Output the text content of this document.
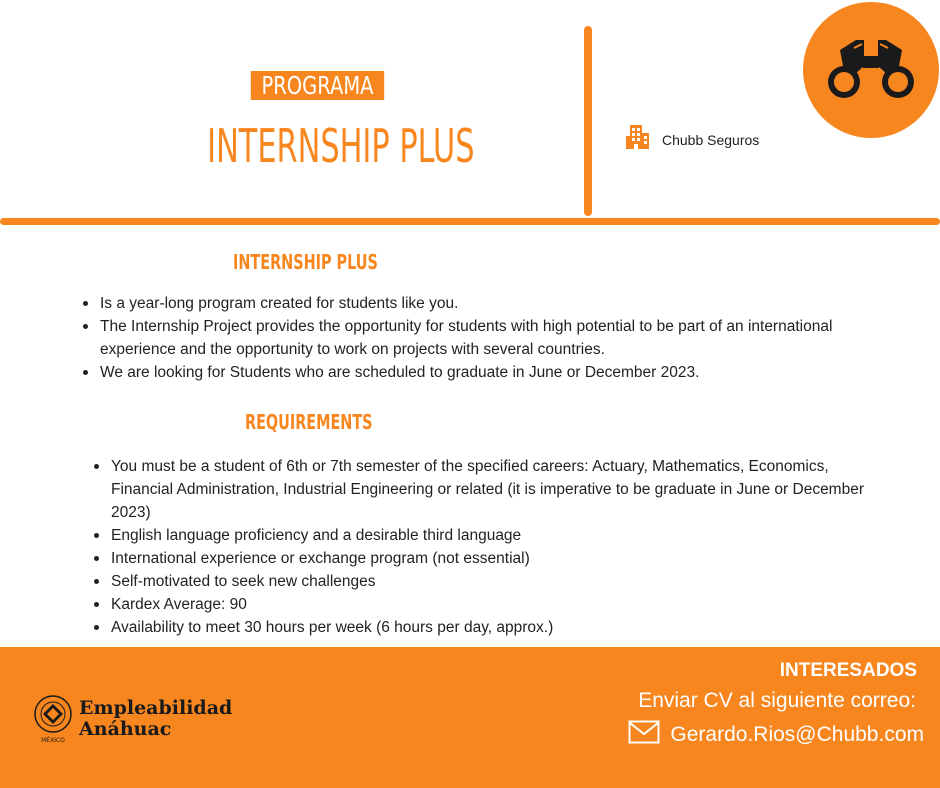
PROGRAMA
INTERNSHIP PLUS	Chubb Seguros
INTERNSHIP PLUS
Is a year-long program created for students like you.
The Internship Project provides the opportunity for students with high potential to be part of an international experience and the opportunity to work on projects with several countries.
We are looking for Students who are scheduled to graduate in June or December 2023.
REQUIREMENTS
You must be a student of 6th or 7th semester of the specified careers: Actuary, Mathematics, Economics, Financial Administration, Industrial Engineering or related (it is imperative to be graduate in June or December 2023)
English language proficiency and a desirable third language
International experience or exchange program (not essential)
Self-motivated to seek new challenges
Kardex Average: 90
Availability to meet 30 hours per week (6 hours per day, approx.)
MÉXICO
Empleabilidad
Anáhuac
INTERESADOS
Enviar CV al siguiente correo:
Gerardo.Rios@Chubb.com
